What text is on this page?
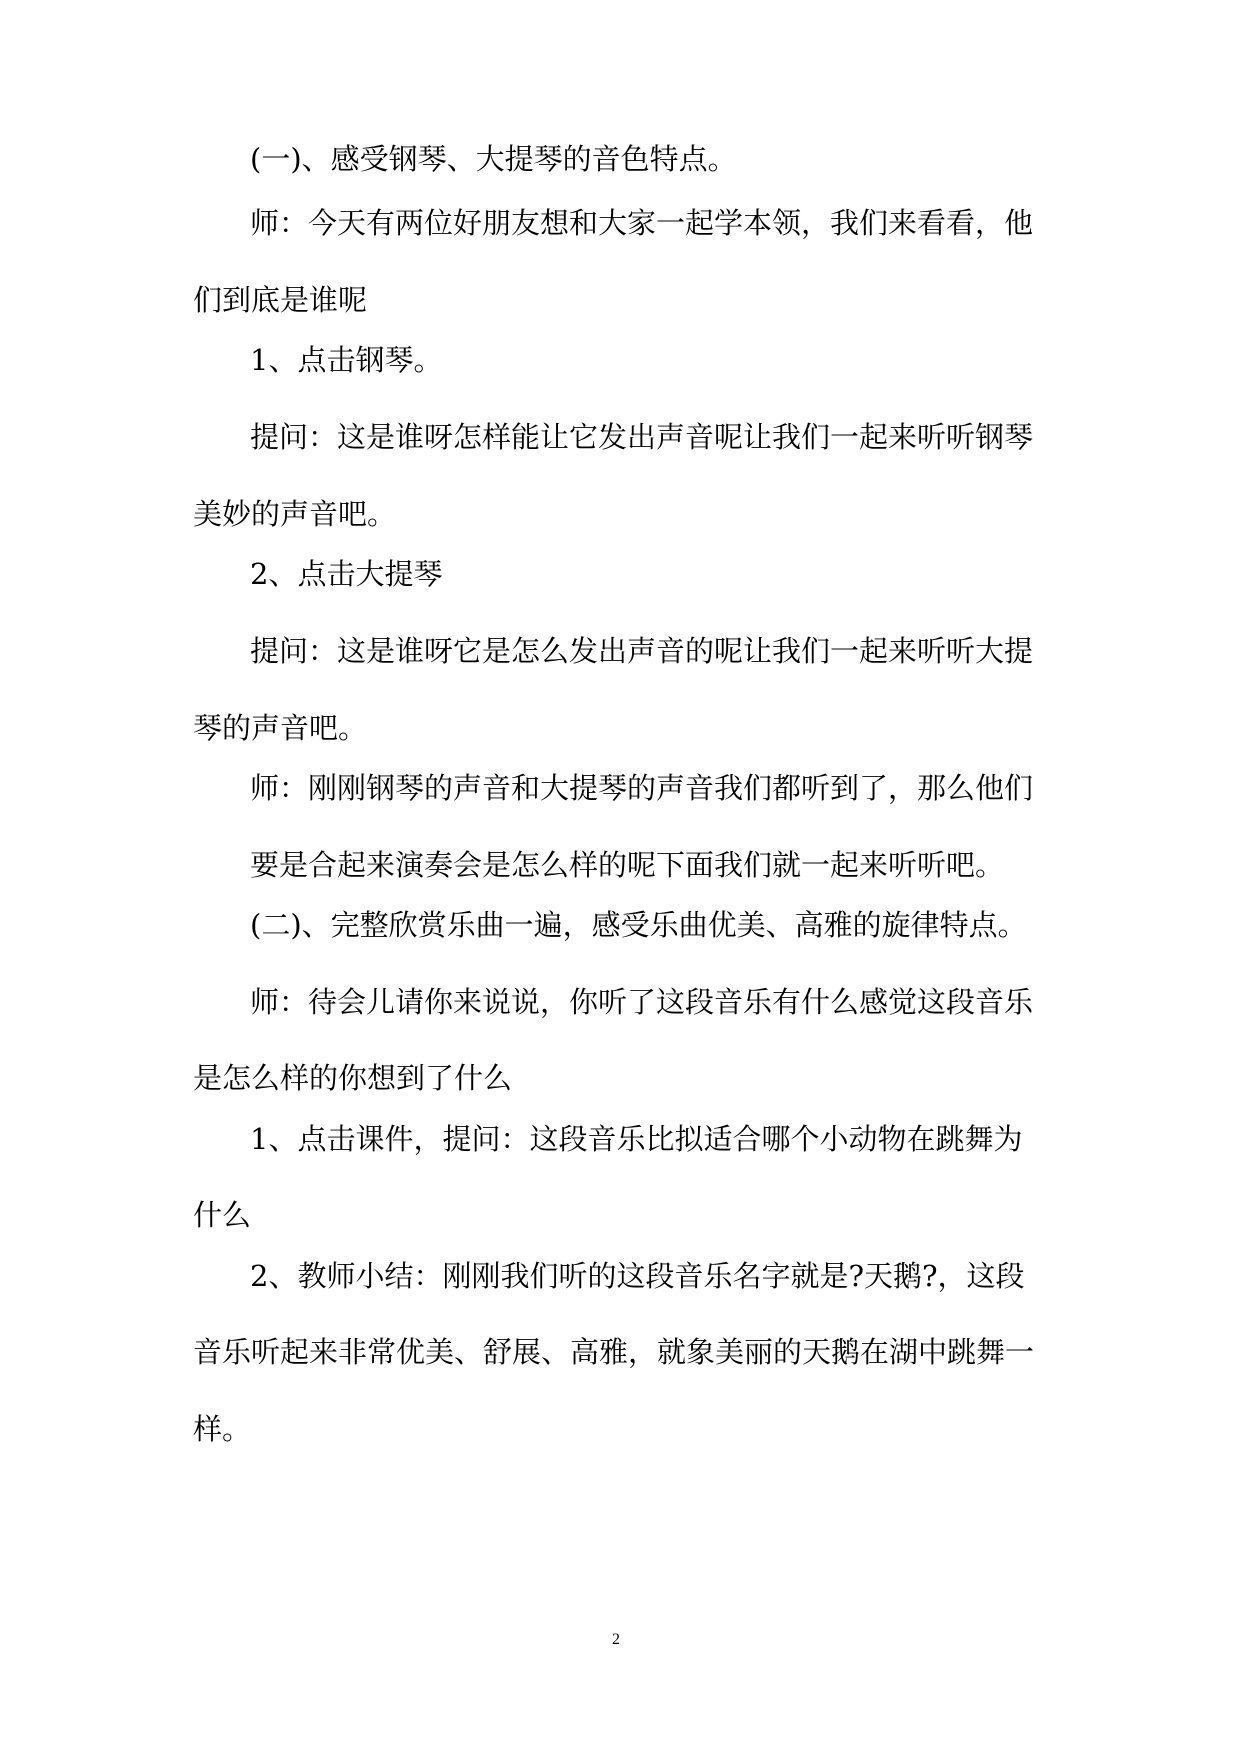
(一)、感受钢琴、大提琴的音色特点。
师：今天有两位好朋友想和大家一起学本领，我们来看看，他
们到底是谁呢
1、点击钢琴。
提问：这是谁呀怎样能让它发出声音呢让我们一起来听听钢琴
美妙的声音吧。
2、点击大提琴
提问：这是谁呀它是怎么发出声音的呢让我们一起来听听大提
琴的声音吧。
师：刚刚钢琴的声音和大提琴的声音我们都听到了，那么他们
要是合起来演奏会是怎么样的呢下面我们就一起来听听吧。
(二)、完整欣赏乐曲一遍，感受乐曲优美、高雅的旋律特点。
师：待会儿请你来说说，你听了这段音乐有什么感觉这段音乐
是怎么样的你想到了什么
1、点击课件，提问：这段音乐比拟适合哪个小动物在跳舞为
什么
2、教师小结：刚刚我们听的这段音乐名字就是?天鹅?，这段
音乐听起来非常优美、舒展、高雅，就象美丽的天鹅在湖中跳舞一
样。
2
